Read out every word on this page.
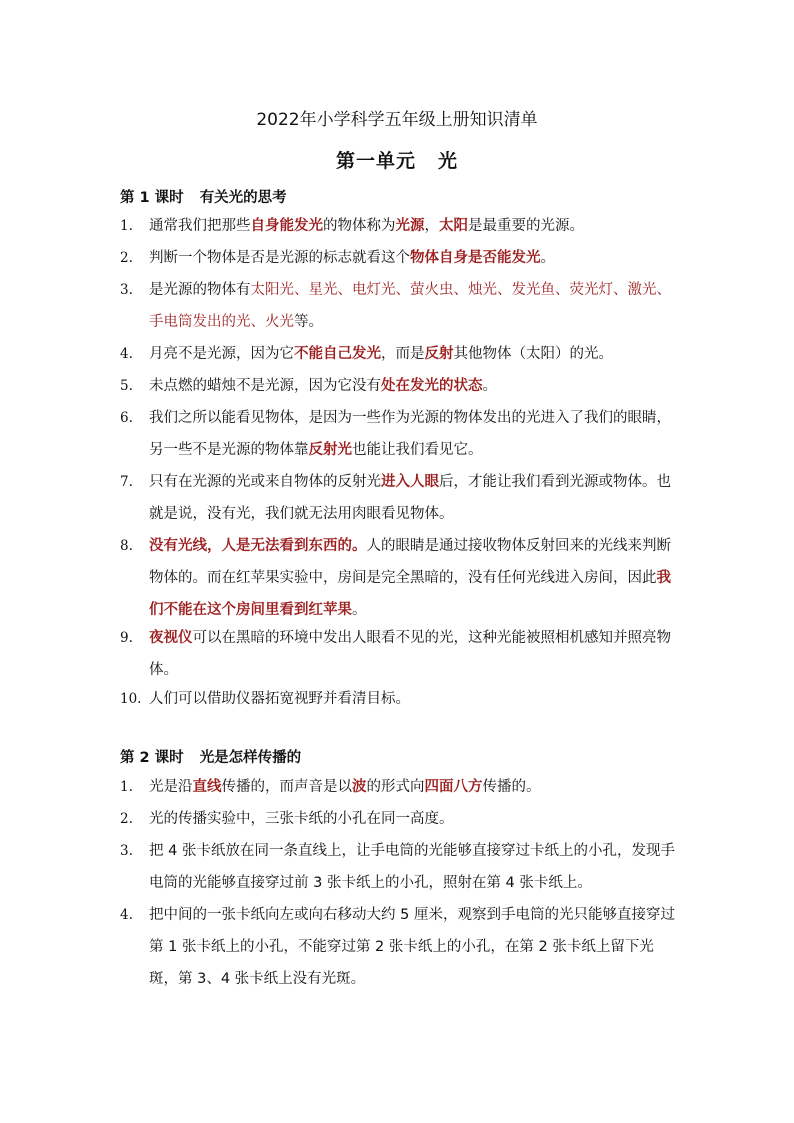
2022年小学科学五年级上册知识清单
第一单元 光
第 1 课时 有关光的思考
1. 通常我们把那些自身能发光的物体称为光源，太阳是最重要的光源。
2. 判断一个物体是否是光源的标志就看这个物体自身是否能发光。
3. 是光源的物体有太阳光、星光、电灯光、萤火虫、烛光、发光鱼、荧光灯、激光、手电筒发出的光、火光等。
4. 月亮不是光源，因为它不能自己发光，而是反射其他物体（太阳）的光。
5. 未点燃的蜡烛不是光源，因为它没有处在发光的状态。
6. 我们之所以能看见物体，是因为一些作为光源的物体发出的光进入了我们的眼睛，另一些不是光源的物体靠反射光也能让我们看见它。
7. 只有在光源的光或来自物体的反射光进入人眼后，才能让我们看到光源或物体。也就是说，没有光，我们就无法用肉眼看见物体。
8. 没有光线，人是无法看到东西的。人的眼睛是通过接收物体反射回来的光线来判断物体的。而在红苹果实验中，房间是完全黑暗的，没有任何光线进入房间，因此我们不能在这个房间里看到红苹果。
9. 夜视仪可以在黑暗的环境中发出人眼看不见的光，这种光能被照相机感知并照亮物体。
10. 人们可以借助仪器拓宽视野并看清目标。
第 2 课时 光是怎样传播的
1. 光是沿直线传播的，而声音是以波的形式向四面八方传播的。
2. 光的传播实验中，三张卡纸的小孔在同一高度。
3. 把 4 张卡纸放在同一条直线上，让手电筒的光能够直接穿过卡纸上的小孔，发现手电筒的光能够直接穿过前 3 张卡纸上的小孔，照射在第 4 张卡纸上。
4. 把中间的一张卡纸向左或向右移动大约 5 厘米，观察到手电筒的光只能够直接穿过第 1 张卡纸上的小孔，不能穿过第 2 张卡纸上的小孔，在第 2 张卡纸上留下光斑，第 3、4 张卡纸上没有光斑。
